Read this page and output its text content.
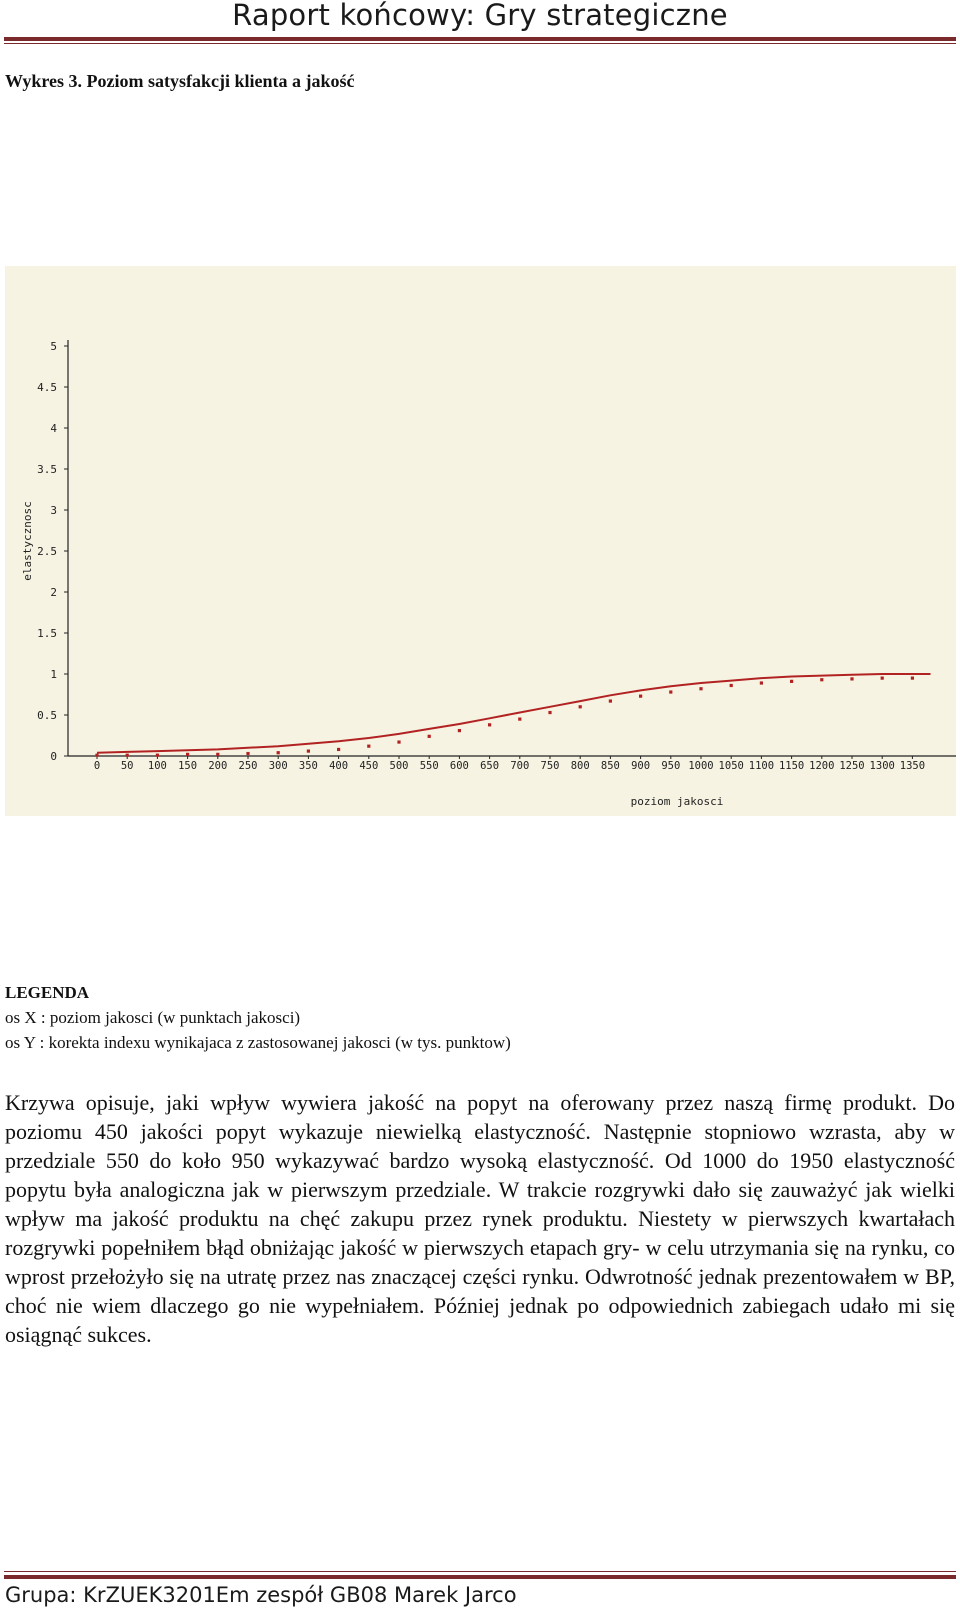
Raport końcowy: Gry strategiczne
Wykres 3. Poziom satysfakcji klienta a jakość
0
0.5
1
1.5
2
2.5
3
3.5
4
4.5
5
0 50 100 150 200 250 300 350 400 450 500 550 600 650 700 750 800 850 900 950 1000 1050 1100 1150 1200 1250 1300 1350
elastycznosc
poziom jakosci
LEGENDA
os X : poziom jakosci (w punktach jakosci)
os Y : korekta indexu wynikajaca z zastosowanej jakosci (w tys. punktow)
Krzywa opisuje, jaki wpływ wywiera jakość na popyt na oferowany przez naszą firmę produkt. Do poziomu 450 jakości popyt wykazuje niewielką elastyczność. Następnie stopniowo wzrasta, aby w przedziale 550 do koło 950 wykazywać bardzo wysoką elastyczność. Od 1000 do 1950 elastyczność popytu była analogiczna jak w pierwszym przedziale. W trakcie rozgrywki dało się zauważyć jak wielki wpływ ma jakość produktu na chęć zakupu przez rynek produktu. Niestety w pierwszych kwartałach rozgrywki popełniłem błąd obniżając jakość w pierwszych etapach gry- w celu utrzymania się na rynku, co wprost przełożyło się na utratę przez nas znaczącej części rynku. Odwrotność jednak prezentowałem w BP, choć nie wiem dlaczego go nie wypełniałem. Później jednak po odpowiednich zabiegach udało mi się osiągnąć sukces.
Grupa: KrZUEK3201Em zespół GB08 Marek Jarco
